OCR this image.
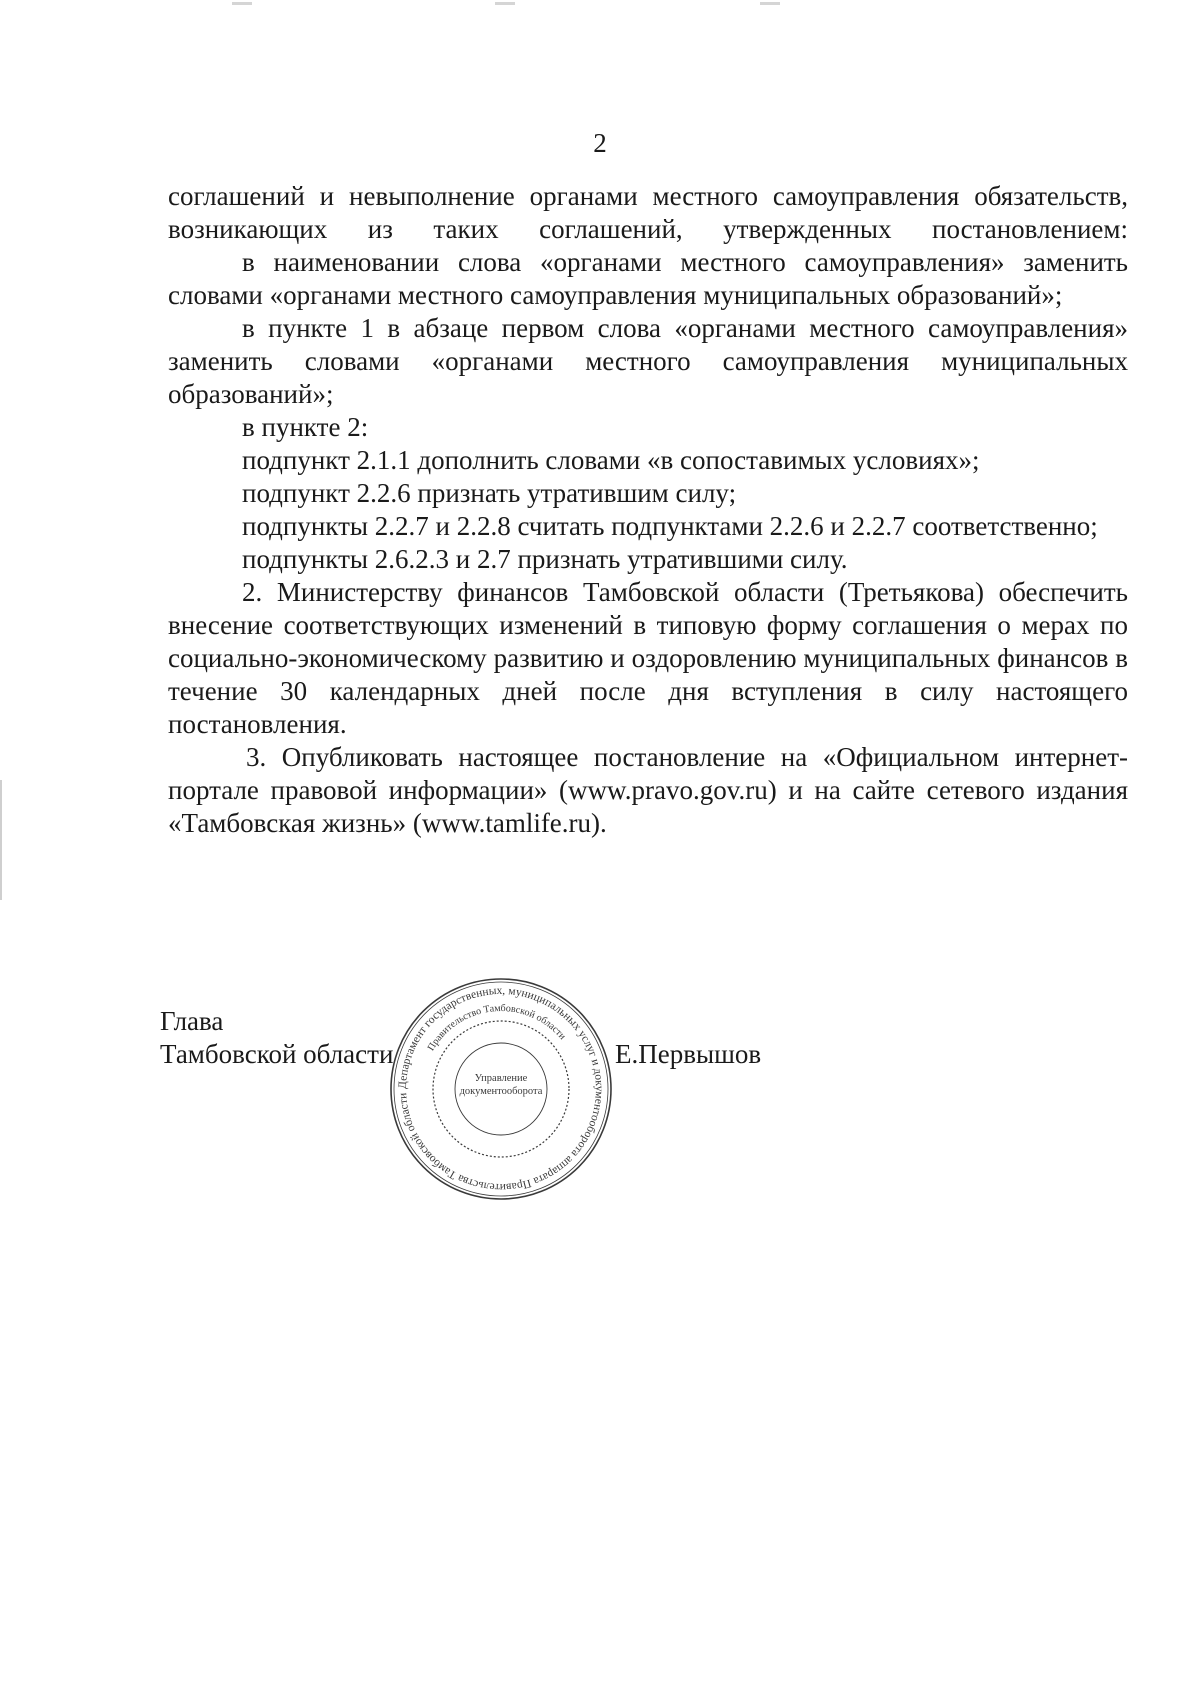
2

соглашений и невыполнение органами местного самоуправления обязательств, возникающих из таких соглашений, утвержденных постановлением:

в наименовании слова «органами местного самоуправления» заменить словами «органами местного самоуправления муниципальных образований»;

в пункте 1 в абзаце первом слова «органами местного самоуправления» заменить словами «органами местного самоуправления муниципальных образований»;

в пункте 2:

подпункт 2.1.1 дополнить словами «в сопоставимых условиях»;

подпункт 2.2.6 признать утратившим силу;

подпункты 2.2.7 и 2.2.8 считать подпунктами 2.2.6 и 2.2.7 соответственно;

подпункты 2.6.2.3 и 2.7 признать утратившими силу.

2. Министерству финансов Тамбовской области (Третьякова) обеспечить внесение соответствующих изменений в типовую форму соглашения о мерах по социально-экономическому развитию и оздоровлению муниципальных финансов в течение 30 календарных дней после дня вступления в силу настоящего постановления.

3. Опубликовать настоящее постановление на «Официальном интернет-портале правовой информации» (www.pravo.gov.ru) и на сайте сетевого издания «Тамбовская жизнь» (www.tamlife.ru).

Глава
Тамбовской области	Е.Первышов
Департамент государственных, муниципальных услуг и документооборота аппарата Правительства Тамбовской области
Правительство Тамбовской области
Управление документооборота
